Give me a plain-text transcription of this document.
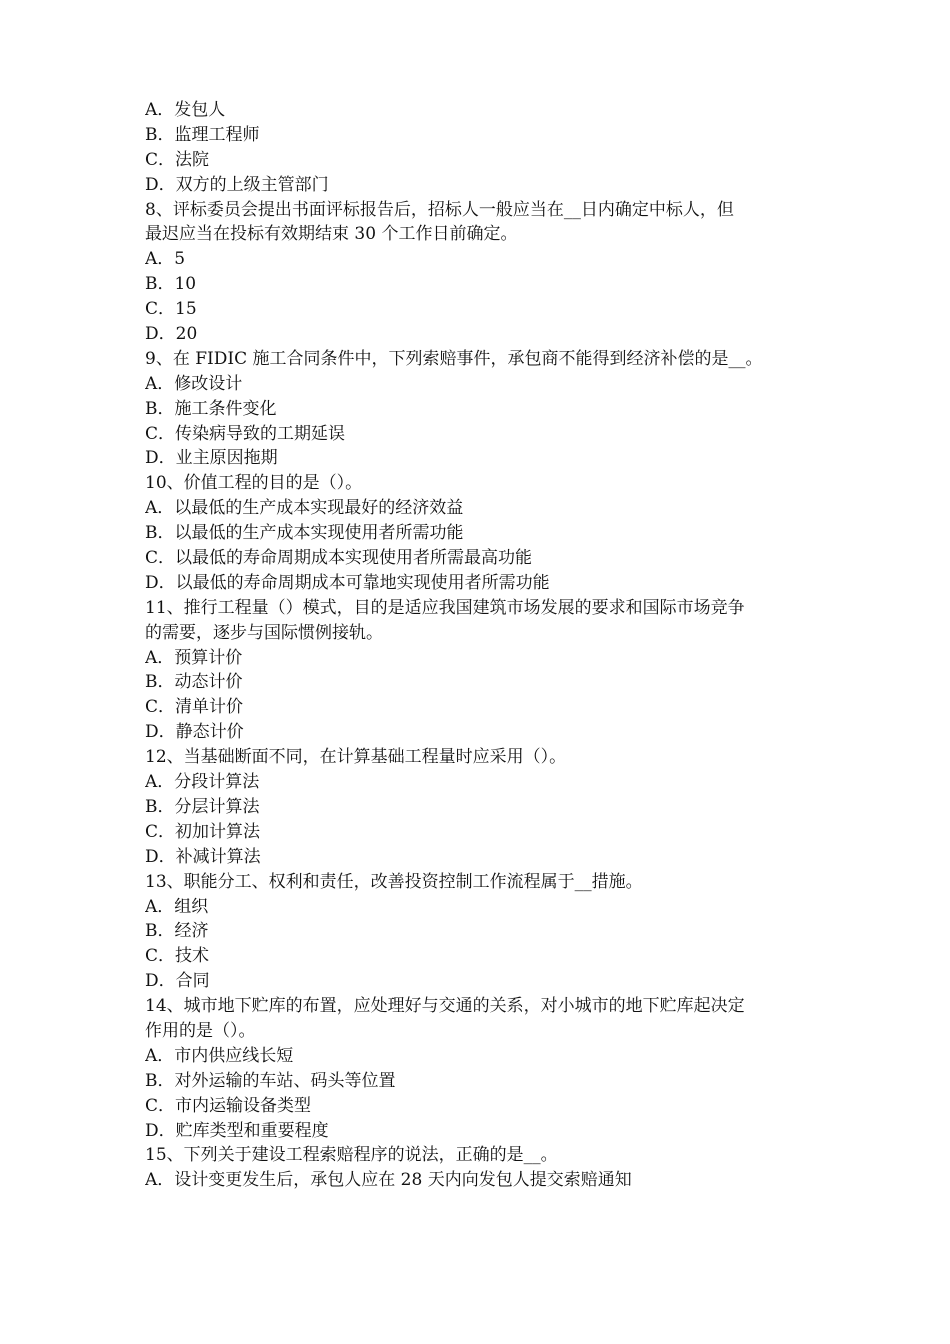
A．发包人
B．监理工程师
C．法院
D．双方的上级主管部门
8、评标委员会提出书面评标报告后，招标人一般应当在__日内确定中标人，但
最迟应当在投标有效期结束 30 个工作日前确定。
A．5
B．10
C．15
D．20
9、在 FIDIC 施工合同条件中，下列索赔事件，承包商不能得到经济补偿的是__。
A．修改设计
B．施工条件变化
C．传染病导致的工期延误
D．业主原因拖期
10、价值工程的目的是（）。
A．以最低的生产成本实现最好的经济效益
B．以最低的生产成本实现使用者所需功能
C．以最低的寿命周期成本实现使用者所需最高功能
D．以最低的寿命周期成本可靠地实现使用者所需功能
11、推行工程量（）模式，目的是适应我国建筑市场发展的要求和国际市场竞争
的需要，逐步与国际惯例接轨。
A．预算计价
B．动态计价
C．清单计价
D．静态计价
12、当基础断面不同，在计算基础工程量时应采用（）。
A．分段计算法
B．分层计算法
C．初加计算法
D．补减计算法
13、职能分工、权利和责任，改善投资控制工作流程属于__措施。
A．组织
B．经济
C．技术
D．合同
14、城市地下贮库的布置，应处理好与交通的关系，对小城市的地下贮库起决定
作用的是（）。
A．市内供应线长短
B．对外运输的车站、码头等位置
C．市内运输设备类型
D．贮库类型和重要程度
15、下列关于建设工程索赔程序的说法，正确的是__。
A．设计变更发生后，承包人应在 28 天内向发包人提交索赔通知
